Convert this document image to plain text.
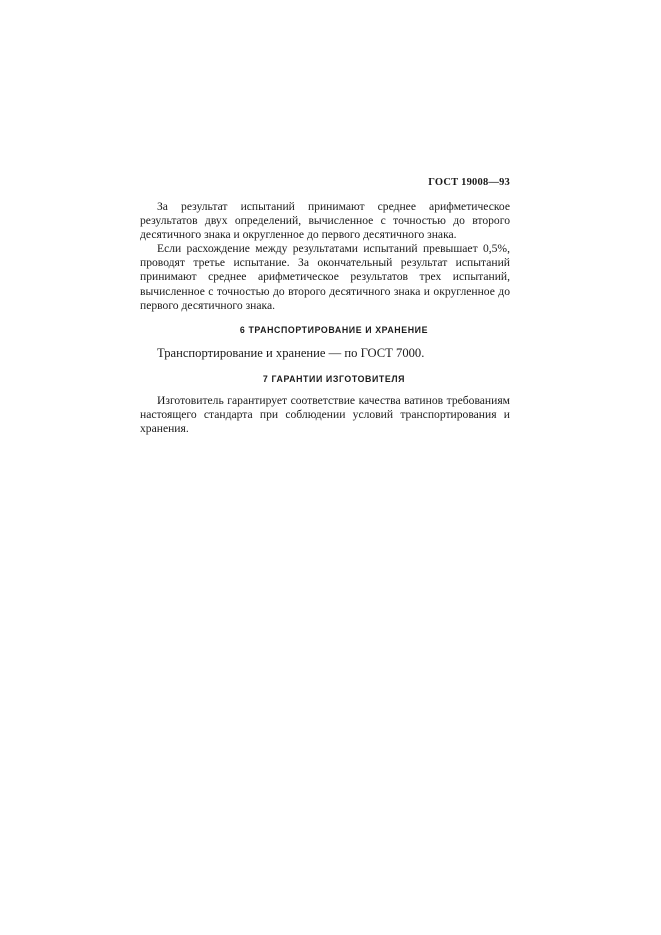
ГОСТ 19008—93

За результат испытаний принимают среднее арифметическое результатов двух определений, вычисленное с точностью до второго десятичного знака и округленное до первого десятичного знака.

Если расхождение между результатами испытаний превышает 0,5%, проводят третье испытание. За окончательный результат испытаний принимают среднее арифметическое результатов трех испытаний, вычисленное с точностью до второго десятичного знака и округленное до первого десятичного знака.

6 ТРАНСПОРТИРОВАНИЕ И ХРАНЕНИЕ

Транспортирование и хранение — по ГОСТ 7000.

7 ГАРАНТИИ ИЗГОТОВИТЕЛЯ

Изготовитель гарантирует соответствие качества ватинов требованиям настоящего стандарта при соблюдении условий транспортирования и хранения.
